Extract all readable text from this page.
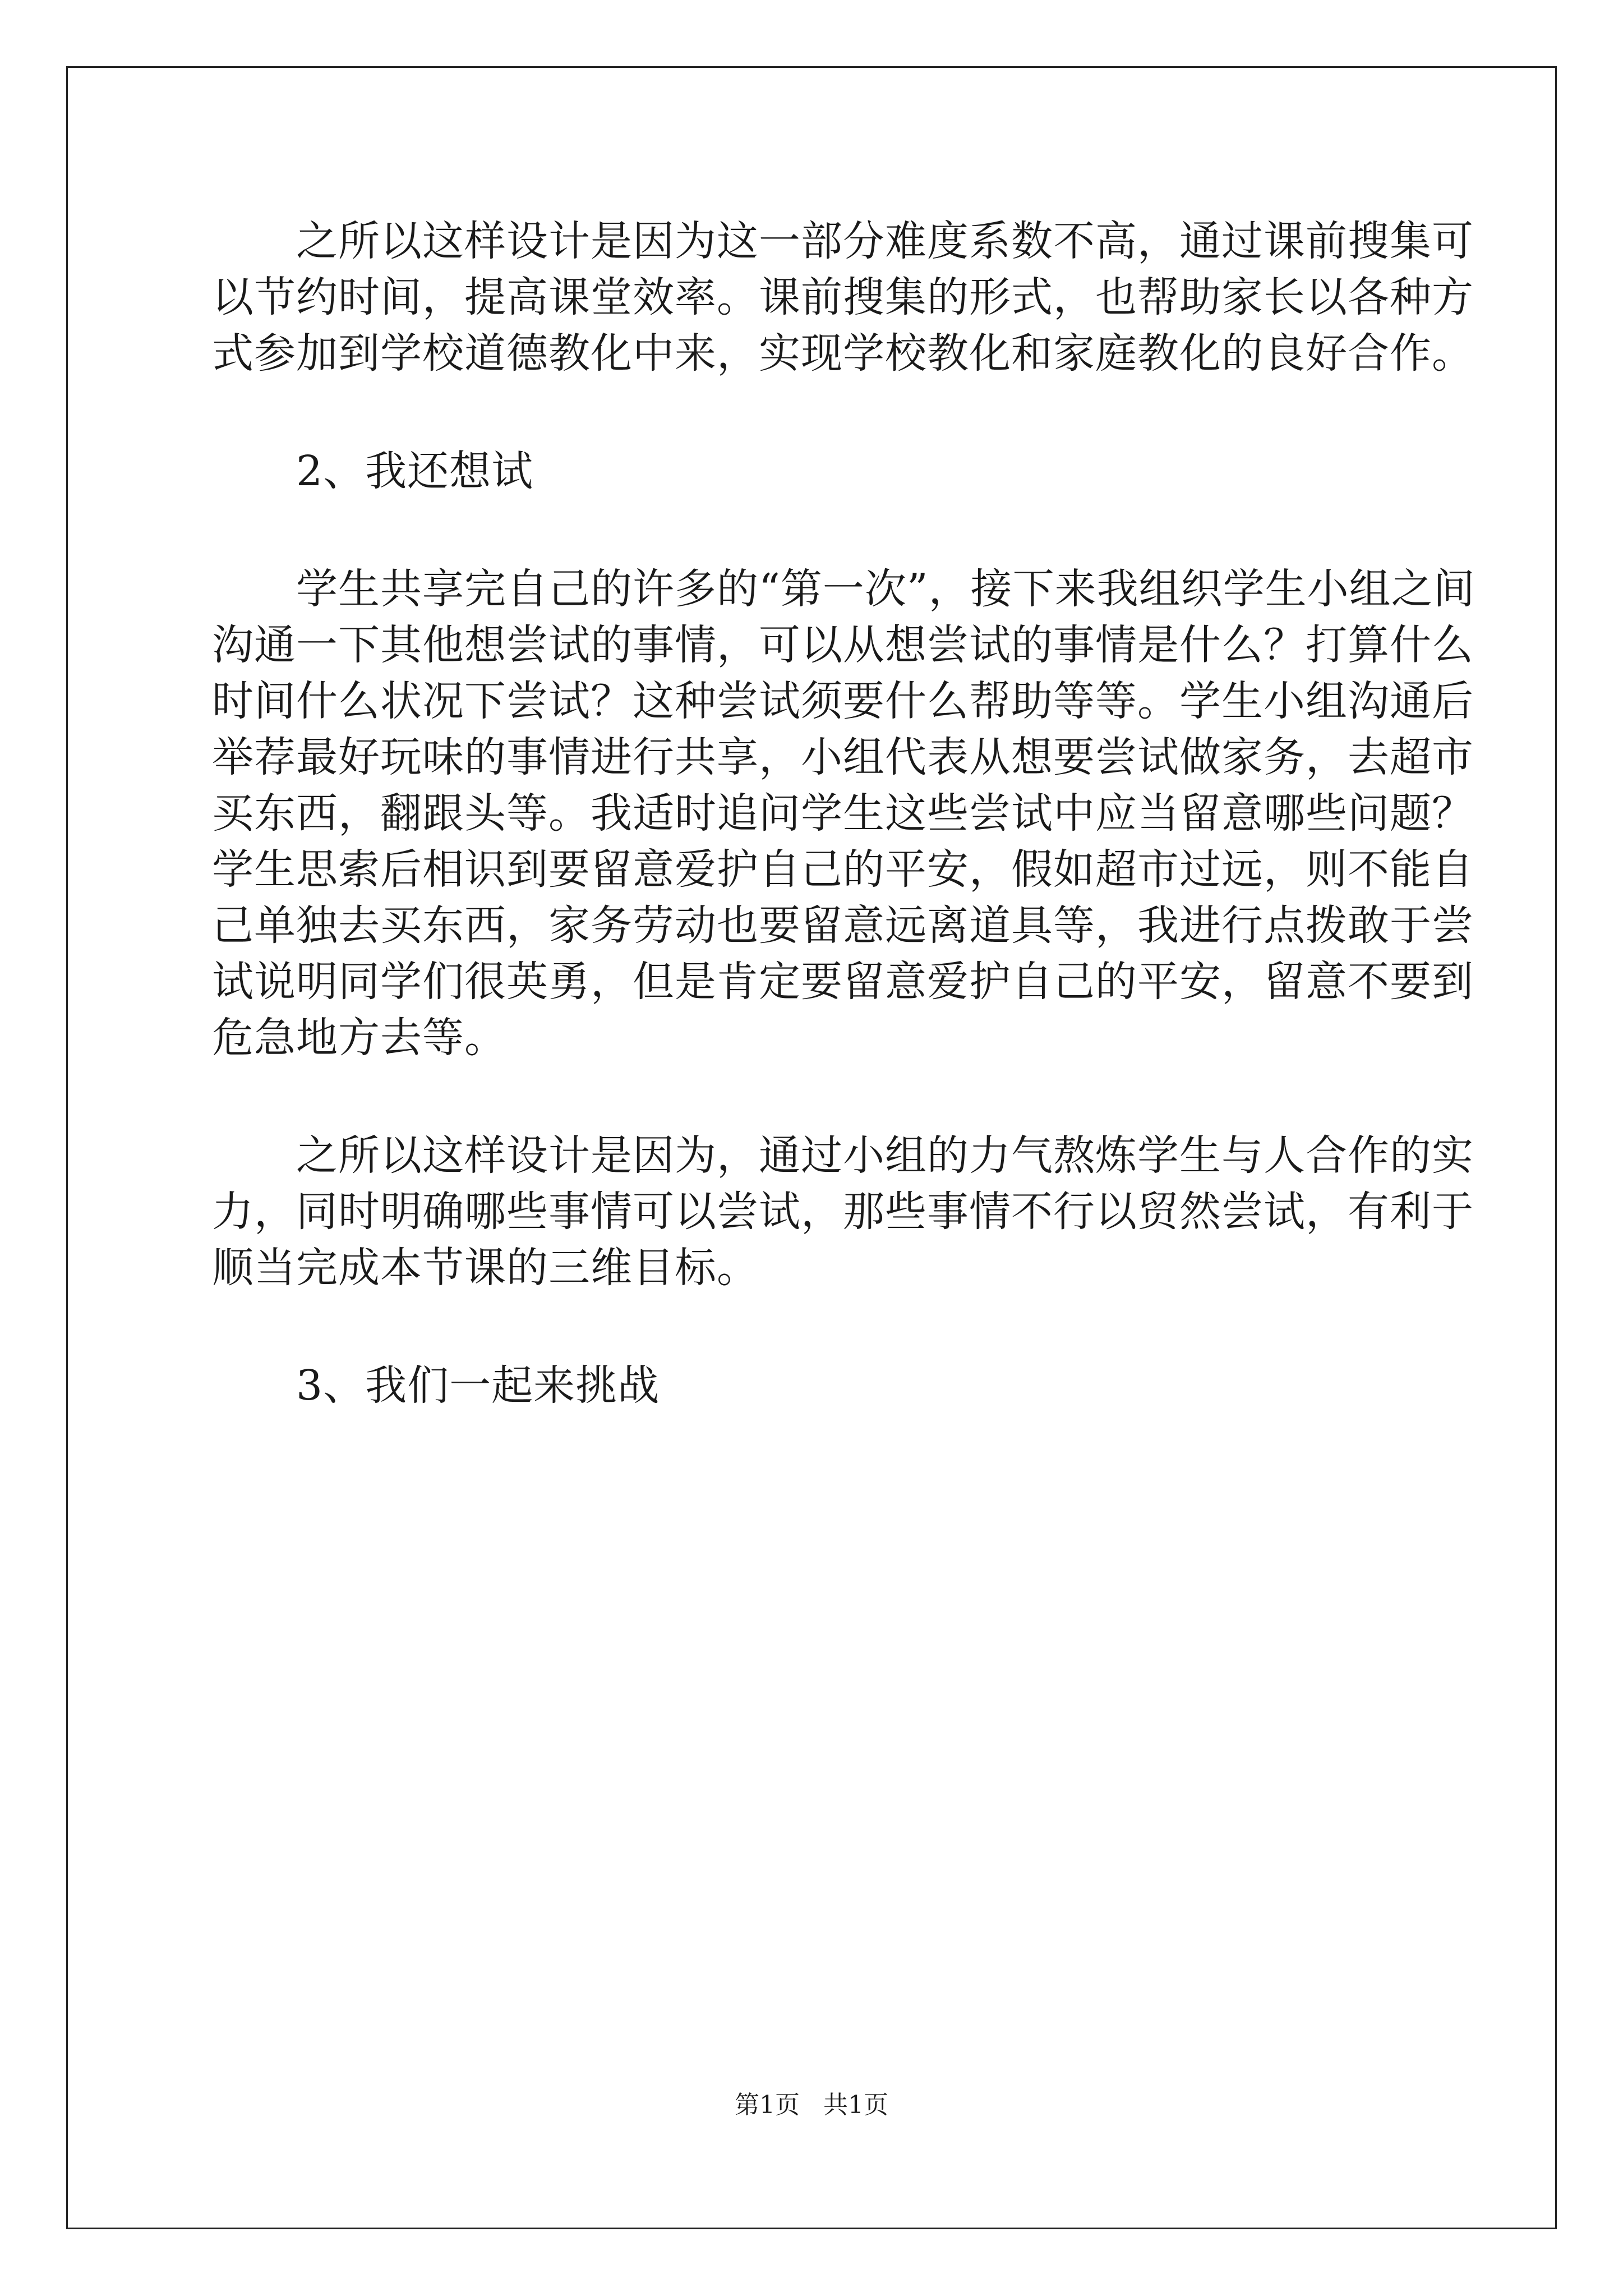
之所以这样设计是因为这一部分难度系数不高，通过课前搜集可
以节约时间，提高课堂效率。课前搜集的形式，也帮助家长以各种方
式参加到学校道德教化中来，实现学校教化和家庭教化的良好合作。
2、我还想试
学生共享完自己的许多的“第一次”，接下来我组织学生小组之间
沟通一下其他想尝试的事情，可以从想尝试的事情是什么？打算什么
时间什么状况下尝试？这种尝试须要什么帮助等等。学生小组沟通后
举荐最好玩味的事情进行共享，小组代表从想要尝试做家务，去超市
买东西，翻跟头等。我适时追问学生这些尝试中应当留意哪些问题？
学生思索后相识到要留意爱护自己的平安，假如超市过远，则不能自
己单独去买东西，家务劳动也要留意远离道具等，我进行点拨敢于尝
试说明同学们很英勇，但是肯定要留意爱护自己的平安，留意不要到
危急地方去等。
之所以这样设计是因为，通过小组的力气熬炼学生与人合作的实
力，同时明确哪些事情可以尝试，那些事情不行以贸然尝试，有利于
顺当完成本节课的三维目标。
3、我们一起来挑战
第1页 共1页
